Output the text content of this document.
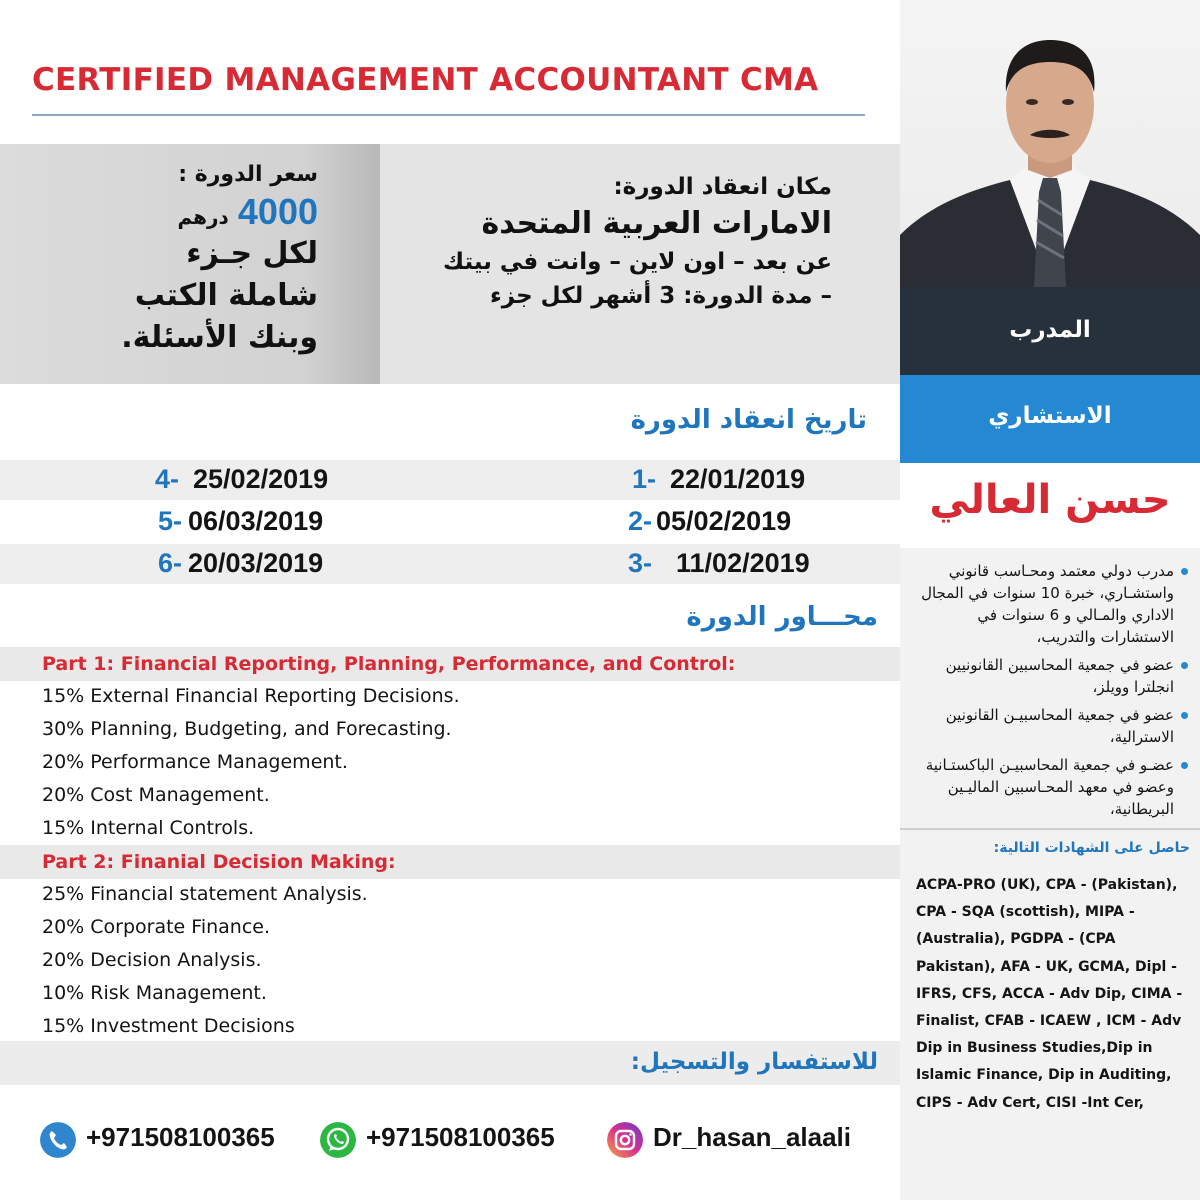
CERTIFIED MANAGEMENT ACCOUNTANT CMA
سعر الدورة :
4000 درهم
لكل جـزء
شاملة الكتب
وبنك الأسئلة.
مكان انعقاد الدورة:
الامارات العربية المتحدة
عن بعد – اون لاين – وانت في بيتك
– مدة الدورة: 3 أشهر لكل جزء
تاريخ انعقاد الدورة
4- 25/02/2019	1- 22/01/2019
5- 06/03/2019	2- 05/02/2019
6- 20/03/2019	3- 11/02/2019
محـــاور الدورة
Part 1: Financial Reporting, Planning, Performance, and Control:
15% External Financial Reporting Decisions.
30% Planning, Budgeting, and Forecasting.
20% Performance Management.
20% Cost Management.
15% Internal Controls.
Part 2: Finanial Decision Making:
25% Financial statement Analysis.
20% Corporate Finance.
20% Decision Analysis.
10% Risk Management.
15% Investment Decisions
للاستفسار والتسجيل:
+971508100365	+971508100365	Dr_hasan_alaali
المدرب
الاستشاري
حسن العالي
مدرب دولي معتمد ومحـاسب قانوني واستشـاري، خبرة 10 سنوات في المجال الاداري والمـالي و 6 سنوات في الاستشارات والتدريب،
عضو في جمعية المحاسبين القانونيين انجلترا وويلز،
عضو في جمعية المحاسبيـن القانونين الاسترالية،
عضـو في جمعية المحاسبيـن الباكستـانية وعضو في معهد المحـاسبين الماليـين البريطانية،
حاصل على الشهادات التالية:
ACPA-PRO (UK), CPA - (Pakistan), CPA - SQA (scottish), MIPA - (Australia), PGDPA - (CPA Pakistan), AFA - UK, GCMA, Dipl - IFRS, CFS, ACCA - Adv Dip, CIMA - Finalist, CFAB - ICAEW , ICM - Adv Dip in Business Studies,Dip in Islamic Finance, Dip in Auditing, CIPS - Adv Cert, CISI -Int Cer,
